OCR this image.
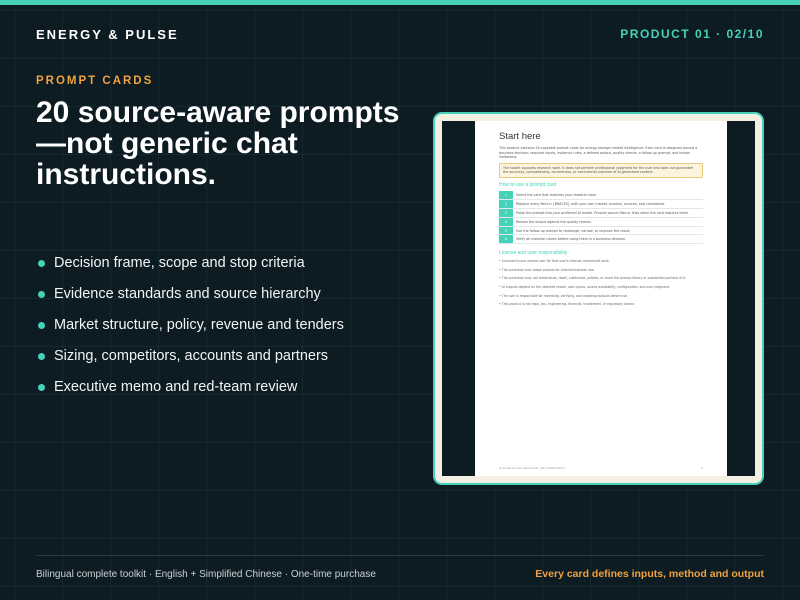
ENERGY & PULSE	PRODUCT 01 · 02/10
PROMPT CARDS
20 source-aware prompts—not generic chat instructions.
Decision frame, scope and stop criteria
Evidence standards and source hierarchy
Market structure, policy, revenue and tenders
Sizing, competitors, accounts and partners
Executive memo and red-team review
Start here

This product contains 20 copyable prompt cards for energy-storage market intelligence. Each card is designed around a business decision: required inputs, evidence rules, a defined output, quality checks, a follow-up prompt, and known limitations.

The toolkit supports research work. It does not perform professional judgment for the user and does not guarantee the accuracy, completeness, currentness, or commercial outcome of AI-generated content.
How to use a prompt card
1	Select the card that matches your research task.
2	Replace every field in {BRACES} with your own market, product, sources, and constraints.
3	Paste the prompt into your preferred AI model. Provide source files or links when the card requires them.
4	Review the output against the quality checks.
5	Use the follow-up prompt to challenge, narrow, or improve the result.
6	Verify all material claims before using them in a business decision.
License and user responsibility
• Licensed to one named user for that user's internal commercial work.
• The purchaser may adapt outputs for internal business use.
• The purchaser may not redistribute, resell, sublicense, publish, or share the prompt library or substantial portions of it.
• AI outputs depend on the selected model, user inputs, source availability, configuration, and user judgment.
• The user is responsible for reviewing, verifying, and adapting outputs before use.
• This product is not legal, tax, engineering, financial, investment, or regulatory advice.
Licensed to one named user | No redistribution	2
Bilingual complete toolkit · English + Simplified Chinese · One-time purchase	Every card defines inputs, method and output
